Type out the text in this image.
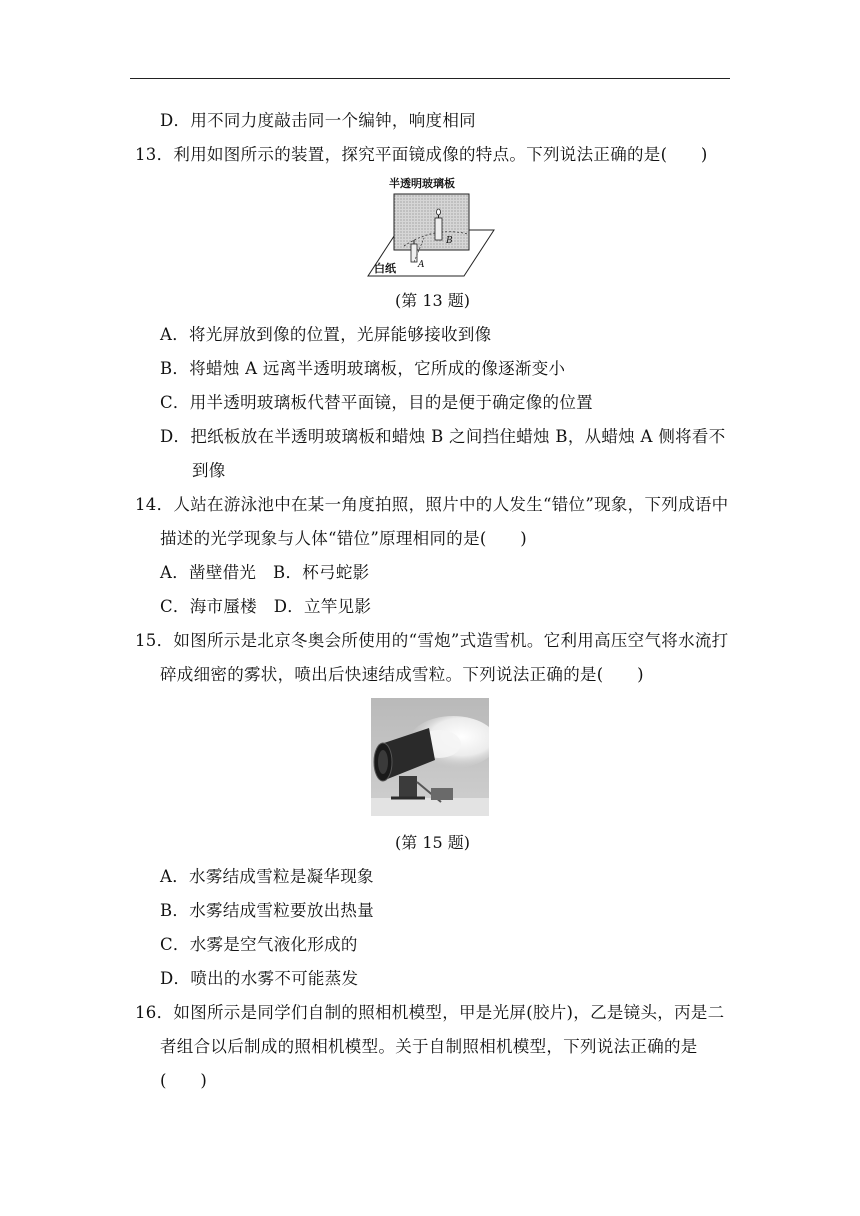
D．用不同力度敲击同一个编钟，响度相同
13．利用如图所示的装置，探究平面镜成像的特点。下列说法正确的是(　　)
半透明玻璃板
白纸 A
B
(第 13 题)
A．将光屏放到像的位置，光屏能够接收到像
B．将蜡烛 A 远离半透明玻璃板，它所成的像逐渐变小
C．用半透明玻璃板代替平面镜，目的是便于确定像的位置
D．把纸板放在半透明玻璃板和蜡烛 B 之间挡住蜡烛 B，从蜡烛 A 侧将看不
到像
14．人站在游泳池中在某一角度拍照，照片中的人发生“错位”现象，下列成语中
描述的光学现象与人体“错位”原理相同的是(　　)
A．凿壁借光　B．杯弓蛇影
C．海市蜃楼　D．立竿见影
15．如图所示是北京冬奥会所使用的“雪炮”式造雪机。它利用高压空气将水流打
碎成细密的雾状，喷出后快速结成雪粒。下列说法正确的是(　　)
(第 15 题)
A．水雾结成雪粒是凝华现象
B．水雾结成雪粒要放出热量
C．水雾是空气液化形成的
D．喷出的水雾不可能蒸发
16．如图所示是同学们自制的照相机模型，甲是光屏(胶片)，乙是镜头，丙是二
者组合以后制成的照相机模型。关于自制照相机模型，下列说法正确的是
(　　)
